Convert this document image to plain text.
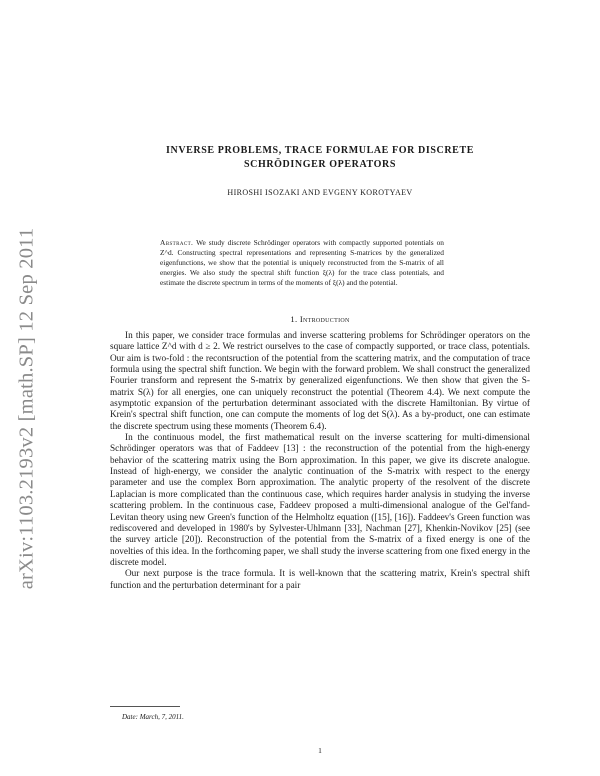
arXiv:1103.2193v2 [math.SP] 12 Sep 2011
INVERSE PROBLEMS, TRACE FORMULAE FOR DISCRETE
SCHRÖDINGER OPERATORS
HIROSHI ISOZAKI AND EVGENY KOROTYAEV
Abstract. We study discrete Schrödinger operators with compactly supported potentials on Z^d. Constructing spectral representations and representing S-matrices by the generalized eigenfunctions, we show that the potential is uniquely reconstructed from the S-matrix of all energies. We also study the spectral shift function ξ(λ) for the trace class potentials, and estimate the discrete spectrum in terms of the moments of ξ(λ) and the potential.
1. Introduction

In this paper, we consider trace formulas and inverse scattering problems for Schrödinger operators on the square lattice Z^d with d ≥ 2. We restrict ourselves to the case of compactly supported, or trace class, potentials. Our aim is two-fold : the recontsruction of the potential from the scattering matrix, and the computation of trace formula using the spectral shift function. We begin with the forward problem. We shall construct the generalized Fourier transform and represent the S-matrix by generalized eigenfunctions. We then show that given the S-matrix S(λ) for all energies, one can uniquely reconstruct the potential (Theorem 4.4). We next compute the asymptotic expansion of the perturbation determinant associated with the discrete Hamiltonian. By virtue of Krein's spectral shift function, one can compute the moments of log det S(λ). As a by-product, one can estimate the discrete spectrum using these moments (Theorem 6.4).

In the continuous model, the first mathematical result on the inverse scattering for multi-dimensional Schrödinger operators was that of Faddeev [13] : the reconstruction of the potential from the high-energy behavior of the scattering matrix using the Born approximation. In this paper, we give its discrete analogue. Instead of high-energy, we consider the analytic continuation of the S-matrix with respect to the energy parameter and use the complex Born approximation. The analytic property of the resolvent of the discrete Laplacian is more complicated than the continuous case, which requires harder analysis in studying the inverse scattering problem. In the continuous case, Faddeev proposed a multi-dimensional analogue of the Gel'fand-Levitan theory using new Green's function of the Helmholtz equation ([15], [16]). Faddeev's Green function was rediscovered and developed in 1980's by Sylvester-Uhlmann [33], Nachman [27], Khenkin-Novikov [25] (see the survey article [20]). Reconstruction of the potential from the S-matrix of a fixed energy is one of the novelties of this idea. In the forthcoming paper, we shall study the inverse scattering from one fixed energy in the discrete model.

Our next purpose is the trace formula. It is well-known that the scattering matrix, Krein's spectral shift function and the perturbation determinant for a pair

Date: March, 7, 2011.
1
